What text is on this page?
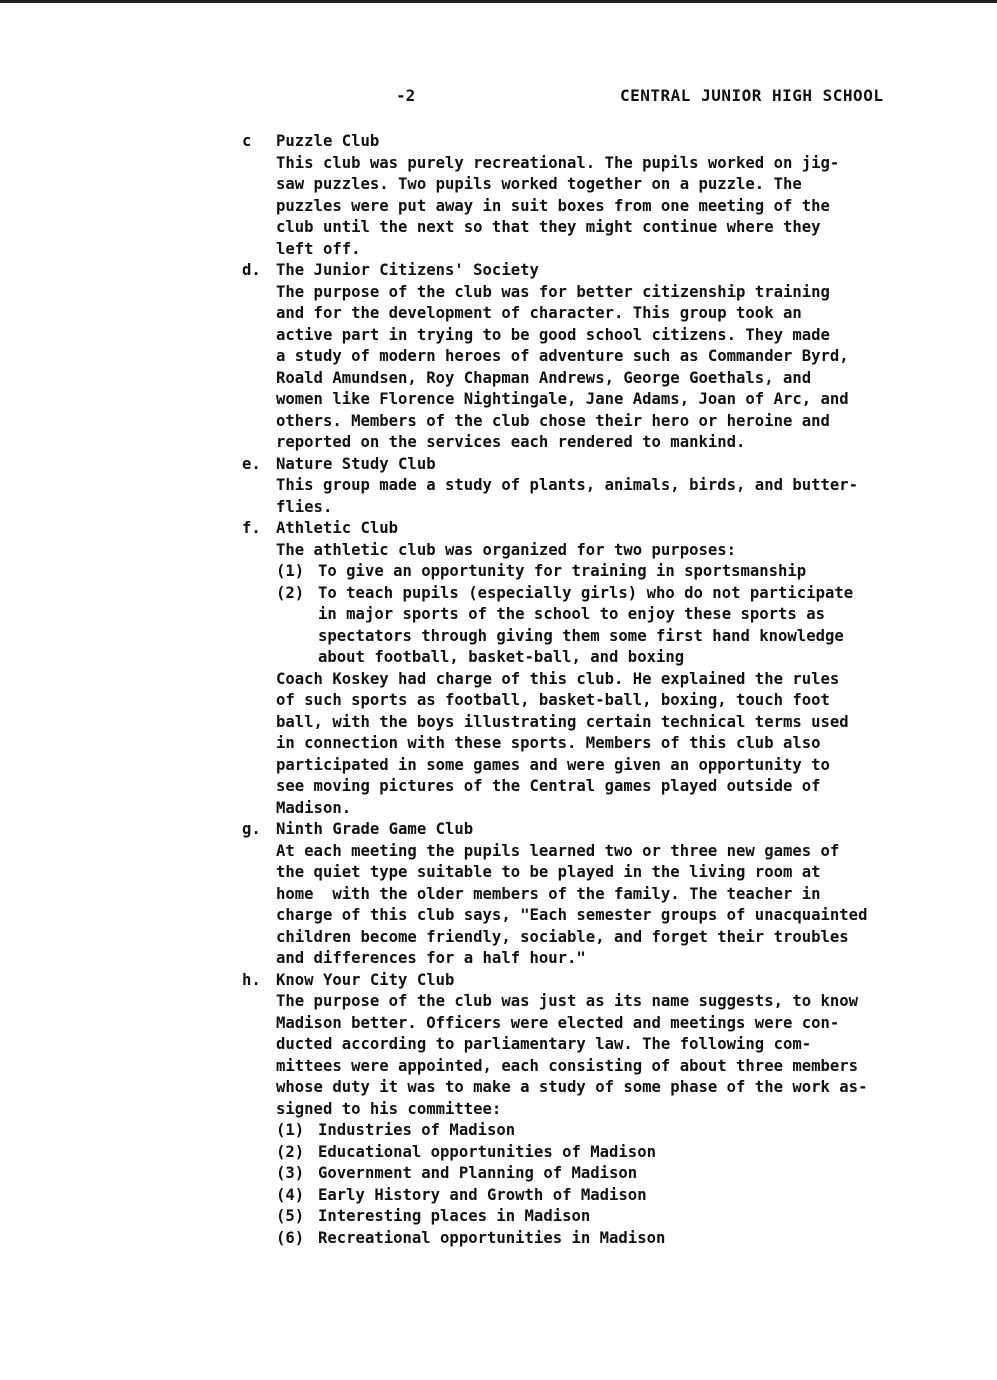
-2	CENTRAL JUNIOR HIGH SCHOOL
c Puzzle Club
This club was purely recreational. The pupils worked on jig-
saw puzzles. Two pupils worked together on a puzzle. The
puzzles were put away in suit boxes from one meeting of the
club until the next so that they might continue where they
left off.
d. The Junior Citizens' Society
The purpose of the club was for better citizenship training
and for the development of character. This group took an
active part in trying to be good school citizens. They made
a study of modern heroes of adventure such as Commander Byrd,
Roald Amundsen, Roy Chapman Andrews, George Goethals, and
women like Florence Nightingale, Jane Adams, Joan of Arc, and
others. Members of the club chose their hero or heroine and
reported on the services each rendered to mankind.
e. Nature Study Club
This group made a study of plants, animals, birds, and butter-
flies.
f. Athletic Club
The athletic club was organized for two purposes:
(1) To give an opportunity for training in sportsmanship
(2) To teach pupils (especially girls) who do not participate
in major sports of the school to enjoy these sports as
spectators through giving them some first hand knowledge
about football, basket-ball, and boxing
Coach Koskey had charge of this club. He explained the rules
of such sports as football, basket-ball, boxing, touch foot
ball, with the boys illustrating certain technical terms used
in connection with these sports. Members of this club also
participated in some games and were given an opportunity to
see moving pictures of the Central games played outside of
Madison.
g. Ninth Grade Game Club
At each meeting the pupils learned two or three new games of
the quiet type suitable to be played in the living room at
home  with the older members of the family. The teacher in
charge of this club says, "Each semester groups of unacquainted
children become friendly, sociable, and forget their troubles
and differences for a half hour."
h. Know Your City Club
The purpose of the club was just as its name suggests, to know
Madison better. Officers were elected and meetings were con-
ducted according to parliamentary law. The following com-
mittees were appointed, each consisting of about three members
whose duty it was to make a study of some phase of the work as-
signed to his committee:
(1) Industries of Madison
(2) Educational opportunities of Madison
(3) Government and Planning of Madison
(4) Early History and Growth of Madison
(5) Interesting places in Madison
(6) Recreational opportunities in Madison
